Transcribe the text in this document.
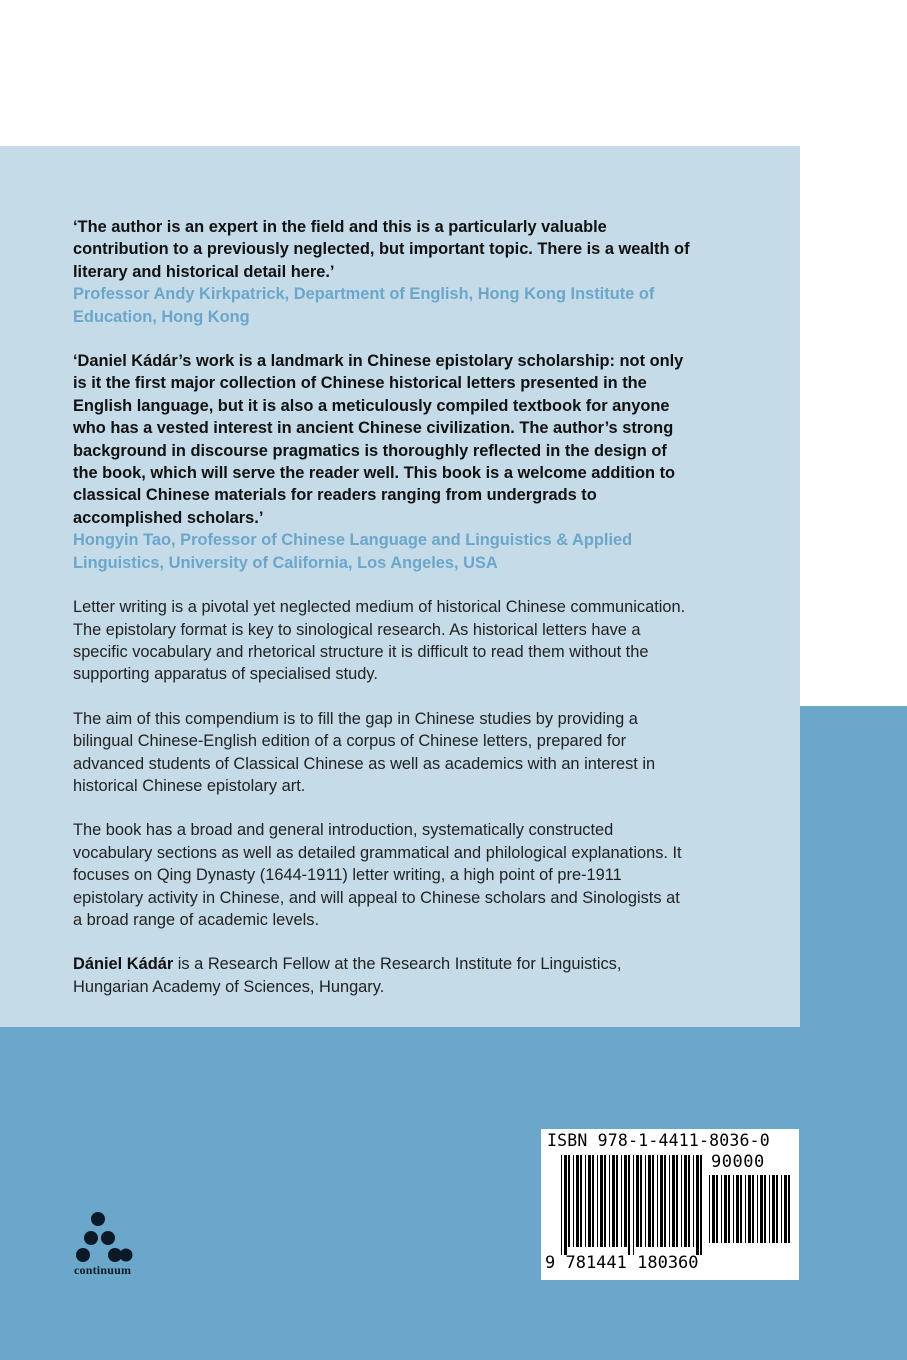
‘The author is an expert in the field and this is a particularly valuable contribution to a previously neglected, but important topic. There is a wealth of literary and historical detail here.’

Professor Andy Kirkpatrick, Department of English, Hong Kong Institute of Education, Hong Kong

‘Daniel Kádár’s work is a landmark in Chinese epistolary scholarship: not only is it the first major collection of Chinese historical letters presented in the English language, but it is also a meticulously compiled textbook for anyone who has a vested interest in ancient Chinese civilization. The author’s strong background in discourse pragmatics is thoroughly reflected in the design of the book, which will serve the reader well. This book is a welcome addition to classical Chinese materials for readers ranging from undergrads to accomplished scholars.’

Hongyin Tao, Professor of Chinese Language and Linguistics & Applied Linguistics, University of California, Los Angeles, USA

Letter writing is a pivotal yet neglected medium of historical Chinese communication. The epistolary format is key to sinological research. As historical letters have a specific vocabulary and rhetorical structure it is difficult to read them without the supporting apparatus of specialised study.

The aim of this compendium is to fill the gap in Chinese studies by providing a bilingual Chinese-English edition of a corpus of Chinese letters, prepared for advanced students of Classical Chinese as well as academics with an interest in historical Chinese epistolary art.

The book has a broad and general introduction, systematically constructed vocabulary sections as well as detailed grammatical and philological explanations. It focuses on Qing Dynasty (1644-1911) letter writing, a high point of pre-1911 epistolary activity in Chinese, and will appeal to Chinese scholars and Sinologists at a broad range of academic levels.

Dániel Kádár is a Research Fellow at the Research Institute for Linguistics, Hungarian Academy of Sciences, Hungary.

continuum
ISBN 978-1-4411-8036-0
90000
9 781441 180360
